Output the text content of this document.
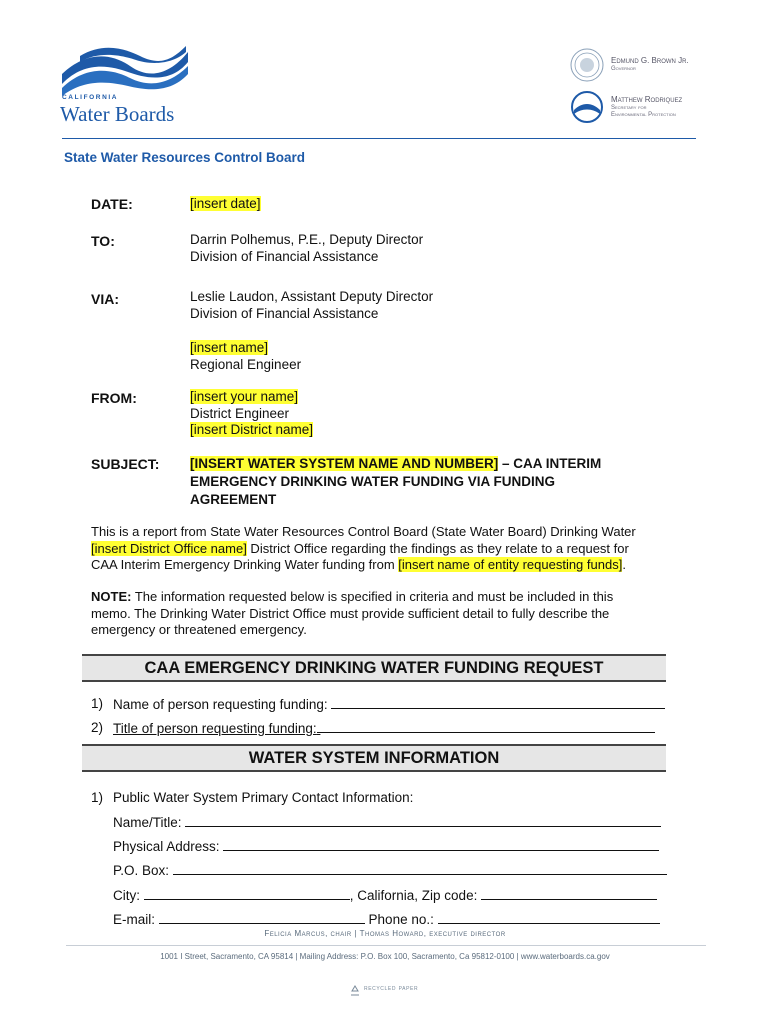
CALIFORNIA
Water Boards
Edmund G. Brown Jr.
Governor
Matthew Rodriquez
Secretary for
Environmental Protection
State Water Resources Control Board
DATE:	[insert date]
TO:	Darrin Polhemus, P.E., Deputy Director
Division of Financial Assistance
VIA:	Leslie Laudon, Assistant Deputy Director
Division of Financial Assistance
[insert name]
Regional Engineer
FROM:	[insert your name]
District Engineer
[insert District name]
SUBJECT: [INSERT WATER SYSTEM NAME AND NUMBER] – CAA INTERIM
EMERGENCY DRINKING WATER FUNDING VIA FUNDING
AGREEMENT
This is a report from State Water Resources Control Board (State Water Board) Drinking Water
[insert District Office name] District Office regarding the findings as they relate to a request for
CAA Interim Emergency Drinking Water funding from [insert name of entity requesting funds].
NOTE: The information requested below is specified in criteria and must be included in this
memo. The Drinking Water District Office must provide sufficient detail to fully describe the
emergency or threatened emergency.
CAA EMERGENCY DRINKING WATER FUNDING REQUEST
1) Name of person requesting funding:
2) Title of person requesting funding:
WATER SYSTEM INFORMATION
1) Public Water System Primary Contact Information:
Name/Title:
Physical Address:
P.O. Box:
City:	, California, Zip code:
E-mail:	Phone no.:
Felicia Marcus, chair | Thomas Howard, executive director
1001 I Street, Sacramento, CA 95814 | Mailing Address: P.O. Box 100, Sacramento, Ca 95812-0100 | www.waterboards.ca.gov
recycled paper
